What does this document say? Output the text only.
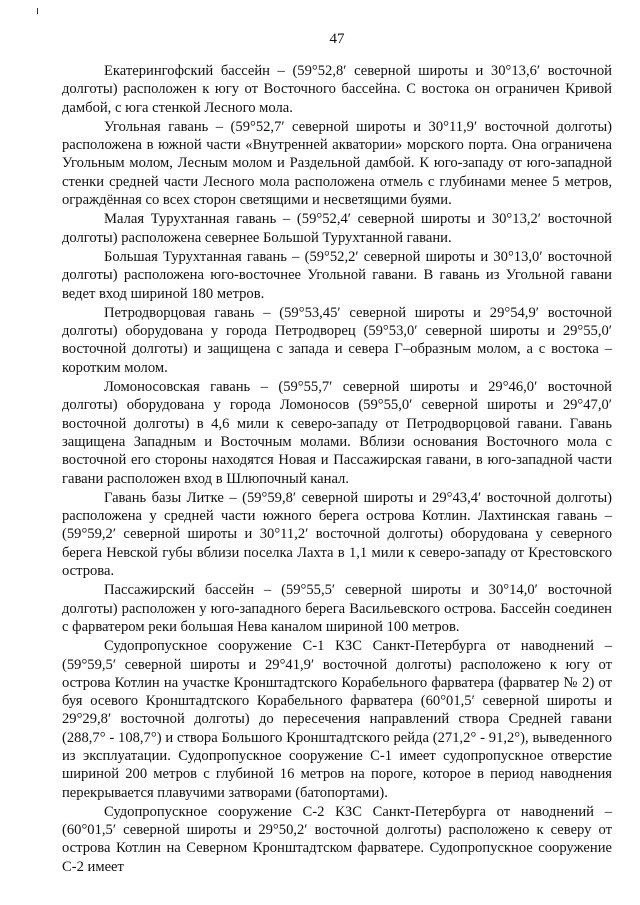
47

Екатерингофский бассейн – (59°52,8′ северной широты и 30°13,6′ восточной долготы) расположен к югу от Восточного бассейна. С востока он ограничен Кривой дамбой, с юга стенкой Лесного мола.

Угольная гавань – (59°52,7′ северной широты и 30°11,9′ восточной долготы) расположена в южной части «Внутренней акватории» морского порта. Она ограничена Угольным молом, Лесным молом и Раздельной дамбой. К юго-западу от юго-западной стенки средней части Лесного мола расположена отмель с глубинами менее 5 метров, ограждённая со всех сторон светящими и несветящими буями.

Малая Турухтанная гавань – (59°52,4′ северной широты и 30°13,2′ восточной долготы) расположена севернее Большой Турухтанной гавани.

Большая Турухтанная гавань – (59°52,2′ северной широты и 30°13,0′ восточной долготы) расположена юго-восточнее Угольной гавани. В гавань из Угольной гавани ведет вход шириной 180 метров.

Петродворцовая гавань – (59°53,45′ северной широты и 29°54,9′ восточной долготы) оборудована у города Петродворец (59°53,0′ северной широты и 29°55,0′ восточной долготы) и защищена с запада и севера Г–образным молом, а с востока – коротким молом.

Ломоносовская гавань – (59°55,7′ северной широты и 29°46,0′ восточной долготы) оборудована у города Ломоносов (59°55,0′ северной широты и 29°47,0′ восточной долготы) в 4,6 мили к северо-западу от Петродворцовой гавани. Гавань защищена Западным и Восточным молами. Вблизи основания Восточного мола с восточной его стороны находятся Новая и Пассажирская гавани, в юго-западной части гавани расположен вход в Шлюпочный канал.

Гавань базы Литке – (59°59,8′ северной широты и 29°43,4′ восточной долготы) расположена у средней части южного берега острова Котлин. Лахтинская гавань – (59°59,2′ северной широты и 30°11,2′ восточной долготы) оборудована у северного берега Невской губы вблизи поселка Лахта в 1,1 мили к северо-западу от Крестовского острова.

Пассажирский бассейн – (59°55,5′ северной широты и 30°14,0′ восточной долготы) расположен у юго-западного берега Васильевского острова. Бассейн соединен с фарватером реки большая Нева каналом шириной 100 метров.

Судопропускное сооружение С-1 КЗС Санкт-Петербурга от наводнений – (59°59,5′ северной широты и 29°41,9′ восточной долготы) расположено к югу от острова Котлин на участке Кронштадтского Корабельного фарватера (фарватер № 2) от буя осевого Кронштадтского Корабельного фарватера (60°01,5′ северной широты и 29°29,8′ восточной долготы) до пересечения направлений створа Средней гавани (288,7° - 108,7°) и створа Большого Кронштадтского рейда (271,2° - 91,2°), выведенного из эксплуатации. Судопропускное сооружение С-1 имеет судопропускное отверстие шириной 200 метров с глубиной 16 метров на пороге, которое в период наводнения перекрывается плавучими затворами (батопортами).

Судопропускное сооружение С-2 КЗС Санкт-Петербурга от наводнений – (60°01,5′ северной широты и 29°50,2′ восточной долготы) расположено к северу от острова Котлин на Северном Кронштадтском фарватере. Судопропускное сооружение С-2 имеет
